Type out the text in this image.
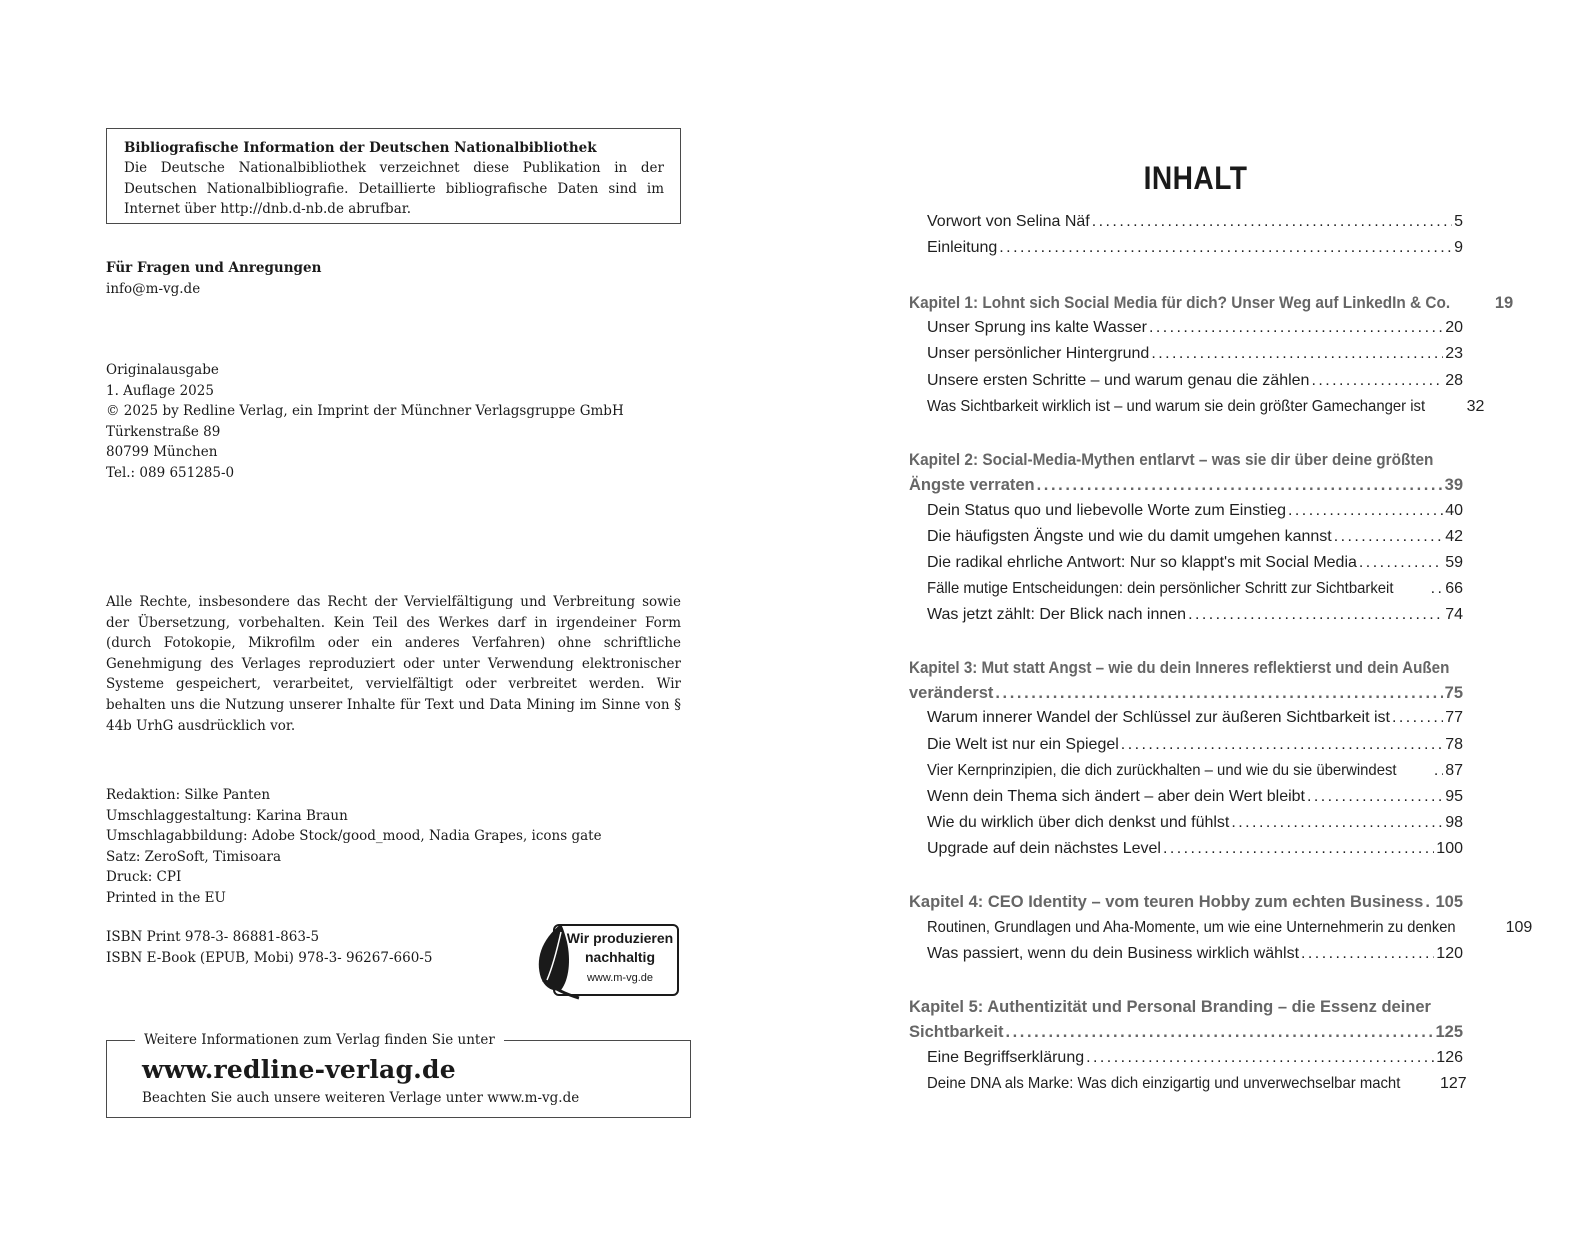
Bibliografische Information der Deutschen Nationalbibliothek
Die Deutsche Nationalbibliothek verzeichnet diese Publikation in der Deutschen Nationalbibliografie. Detaillierte bibliografische Daten sind im Internet über http://dnb.d-nb.de abrufbar.
Für Fragen und Anregungen
info@m-vg.de
Originalausgabe
1. Auflage 2025
© 2025 by Redline Verlag, ein Imprint der Münchner Verlagsgruppe GmbH
Türkenstraße 89
80799 München
Tel.: 089 651285-0
Alle Rechte, insbesondere das Recht der Vervielfältigung und Verbreitung sowie der Übersetzung, vorbehalten. Kein Teil des Werkes darf in irgendeiner Form (durch Fotokopie, Mikrofilm oder ein anderes Verfahren) ohne schriftliche Genehmigung des Verlages reproduziert oder unter Verwendung elektronischer Systeme gespeichert, verarbeitet, vervielfältigt oder verbreitet werden. Wir behalten uns die Nutzung unserer Inhalte für Text und Data Mining im Sinne von § 44b UrhG ausdrücklich vor.
Redaktion: Silke Panten
Umschlaggestaltung: Karina Braun
Umschlagabbildung: Adobe Stock/good_mood, Nadia Grapes, icons gate
Satz: ZeroSoft, Timisoara
Druck: CPI
Printed in the EU
ISBN Print 978-3- 86881-863-5
ISBN E-Book (EPUB, Mobi) 978-3- 96267-660-5
Wir produzieren
nachhaltig
www.m-vg.de
Weitere Informationen zum Verlag finden Sie unter
www.redline-verlag.de
Beachten Sie auch unsere weiteren Verlage unter www.m-vg.de
INHALT
Vorwort von Selina Näf . . .	5
Einleitung . . .	9
Kapitel 1: Lohnt sich Social Media für dich? Unser Weg auf LinkedIn & Co.	19
Unser Sprung ins kalte Wasser . . .	20
Unser persönlicher Hintergrund . . .	23
Unsere ersten Schritte – und warum genau die zählen . . .	28
Was Sichtbarkeit wirklich ist – und warum sie dein größter Gamechanger ist	32
Kapitel 2: Social-Media-Mythen entlarvt – was sie dir über deine größten
Ängste verraten . . .	39
Dein Status quo und liebevolle Worte zum Einstieg . . .	40
Die häufigsten Ängste und wie du damit umgehen kannst . . .	42
Die radikal ehrliche Antwort: Nur so klappt's mit Social Media . . .	59
Fälle mutige Entscheidungen: dein persönlicher Schritt zur Sichtbarkeit . . .	66
Was jetzt zählt: Der Blick nach innen . . .	74
Kapitel 3: Mut statt Angst – wie du dein Inneres reflektierst und dein Außen
veränderst . . .	75
Warum innerer Wandel der Schlüssel zur äußeren Sichtbarkeit ist . . .	77
Die Welt ist nur ein Spiegel . . .	78
Vier Kernprinzipien, die dich zurückhalten – und wie du sie überwindest . . .	87
Wenn dein Thema sich ändert – aber dein Wert bleibt . . .	95
Wie du wirklich über dich denkst und fühlst . . .	98
Upgrade auf dein nächstes Level . . .	100
Kapitel 4: CEO Identity – vom teuren Hobby zum echten Business . . . 105
Routinen, Grundlagen und Aha-Momente, um wie eine Unternehmerin zu denken	109
Was passiert, wenn du dein Business wirklich wählst . . .	120
Kapitel 5: Authentizität und Personal Branding – die Essenz deiner
Sichtbarkeit . . .	125
Eine Begriffserklärung . . .	126
Deine DNA als Marke: Was dich einzigartig und unverwechselbar macht 127
